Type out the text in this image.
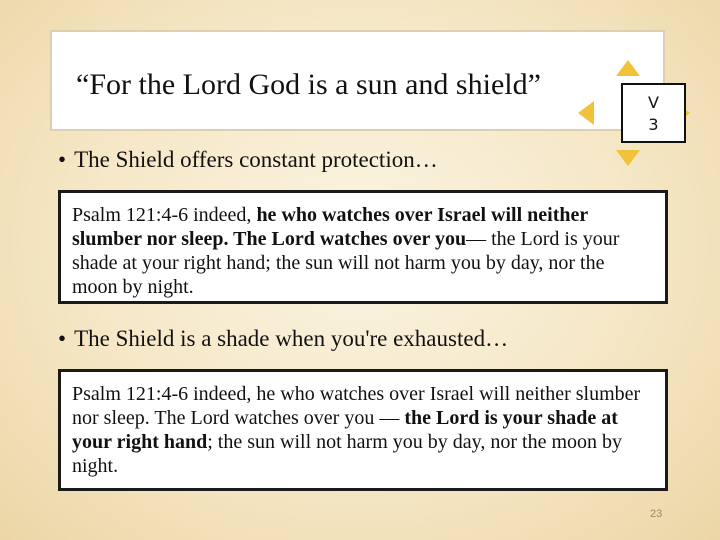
“For the Lord God is a sun and shield”
V
3
• The Shield offers constant protection…
Psalm 121:4-6 indeed, he who watches over Israel will neither slumber nor sleep. The Lord watches over you— the Lord is your shade at your right hand; the sun will not harm you by day, nor the moon by night.
• The Shield is a shade when you're exhausted…
Psalm 121:4-6 indeed, he who watches over Israel will neither slumber nor sleep. The Lord watches over you — the Lord is your shade at your right hand; the sun will not harm you by day, nor the moon by night.
23
